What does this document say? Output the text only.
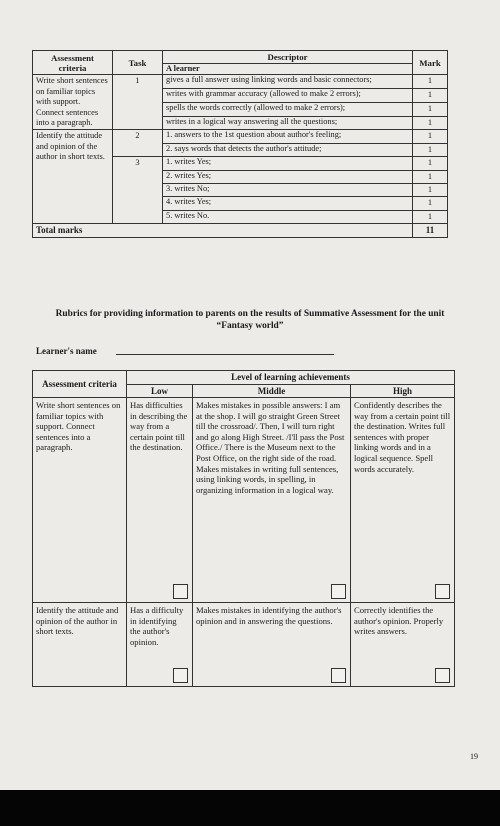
Assessment criteria	Task	Descriptor	Mark
		A learner	
Write short sentences on familiar topics with support. Connect sentences into a paragraph.	1	gives a full answer using linking words and basic connectors;	1
		writes with grammar accuracy (allowed to make 2 errors);	1
		spells the words correctly (allowed to make 2 errors);	1
		writes in a logical way answering all the questions;	1
Identify the attitude and opinion of the author in short texts.	2	1. answers to the 1st question about author's feeling;	1
		2. says words that detects the author's attitude;	1
	3	1. writes Yes;	1
		2. writes Yes;	1
		3. writes No;	1
		4. writes Yes;	1
		5. writes No.	1
Total marks			11
Rubrics for providing information to parents on the results of Summative Assessment for the unit “Fantasy world”
Learner's name
Assessment criteria	Level of learning achievements		
	Low	Middle	High
Write short sentences on familiar topics with support. Connect sentences into a paragraph.	Has difficulties in describing the way from a certain point till the destination.	Makes mistakes in possible answers: I am at the shop. I will go straight Green Street till the crossroad/. Then, I will turn right and go along High Street. /I'll pass the Post Office./ There is the Museum next to the Post Office, on the right side of the road. Makes mistakes in writing full sentences, using linking words, in spelling, in organizing information in a logical way.	Confidently describes the way from a certain point till the destination. Writes full sentences with proper linking words and in a logical sequence. Spell words accurately.

Identify the attitude and opinion of the author in short texts.	Has a difficulty in identifying the author's opinion.	Makes mistakes in identifying the author's opinion and in answering the questions.	Correctly identifies the author's opinion. Properly writes answers.
19
